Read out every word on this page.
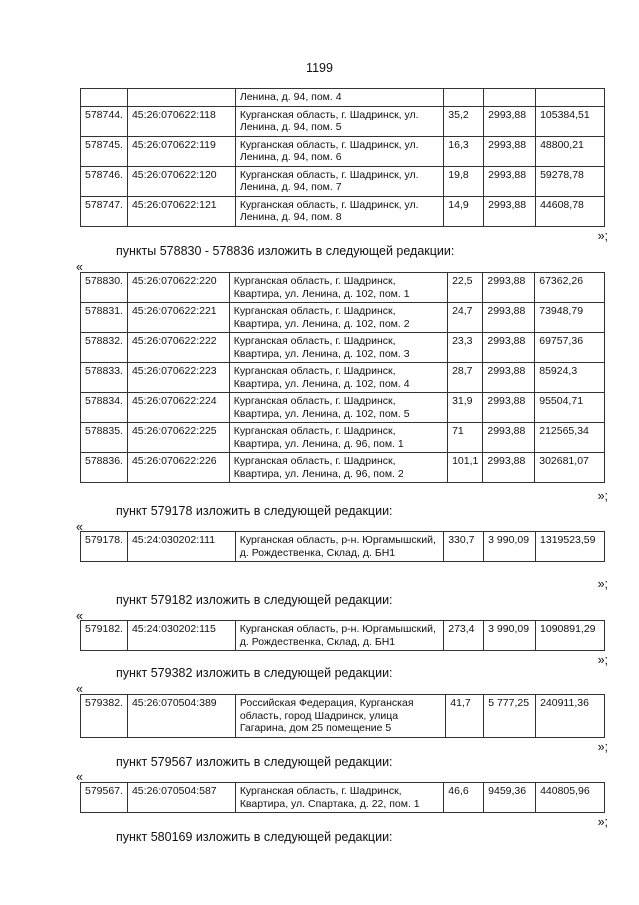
1199
		Ленина, д. 94, пом. 4			
578744.	45:26:070622:118	Курганская область, г. Шадринск, ул. Ленина, д. 94, пом. 5	35,2	2993,88	105384,51
578745.	45:26:070622:119	Курганская область, г. Шадринск, ул. Ленина, д. 94, пом. 6	16,3	2993,88	48800,21
578746.	45:26:070622:120	Курганская область, г. Шадринск, ул. Ленина, д. 94, пом. 7	19,8	2993,88	59278,78
578747.	45:26:070622:121	Курганская область, г. Шадринск, ул. Ленина, д. 94, пом. 8	14,9	2993,88	44608,78
»;
пункты 578830 - 578836 изложить в следующей редакции:
«
578830.	45:26:070622:220	Курганская область, г. Шадринск, Квартира, ул. Ленина, д. 102, пом. 1	22,5	2993,88	67362,26
578831.	45:26:070622:221	Курганская область, г. Шадринск, Квартира, ул. Ленина, д. 102, пом. 2	24,7	2993,88	73948,79
578832.	45:26:070622:222	Курганская область, г. Шадринск, Квартира, ул. Ленина, д. 102, пом. 3	23,3	2993,88	69757,36
578833.	45:26:070622:223	Курганская область, г. Шадринск, Квартира, ул. Ленина, д. 102, пом. 4	28,7	2993,88	85924,3
578834.	45:26:070622:224	Курганская область, г. Шадринск, Квартира, ул. Ленина, д. 102, пом. 5	31,9	2993,88	95504,71
578835.	45:26:070622:225	Курганская область, г. Шадринск, Квартира, ул. Ленина, д. 96, пом. 1	71	2993,88	212565,34
578836.	45:26:070622:226	Курганская область, г. Шадринск, Квартира, ул. Ленина, д. 96, пом. 2	101,1	2993,88	302681,07
»;
пункт 579178 изложить в следующей редакции:
«
579178.	45:24:030202:111	Курганская область, р-н. Юргамышский, д. Рождественка, Склад, д. БН1	330,7	3 990,09	1319523,59
»;
пункт 579182 изложить в следующей редакции:
«
579182.	45:24:030202:115	Курганская область, р-н. Юргамышский, д. Рождественка, Склад, д. БН1	273,4	3 990,09	1090891,29
»;
пункт 579382 изложить в следующей редакции:
«
579382.	45:26:070504:389	Российская Федерация, Курганская область, город Шадринск, улица Гагарина, дом 25 помещение 5	41,7	5 777,25	240911,36
»;
пункт 579567 изложить в следующей редакции:
«
579567.	45:26:070504:587	Курганская область, г. Шадринск, Квартира, ул. Спартака, д. 22, пом. 1	46,6	9459,36	440805,96
»;
пункт 580169 изложить в следующей редакции:
